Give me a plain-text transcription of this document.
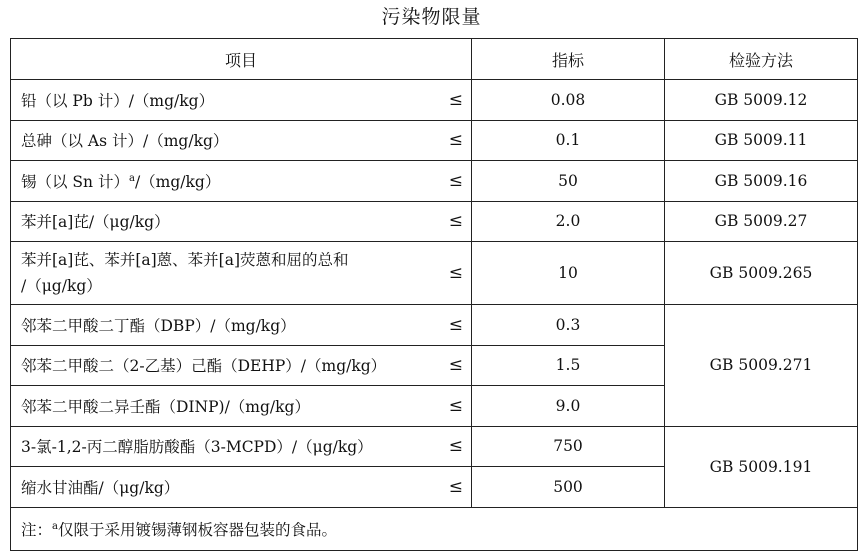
污染物限量
项目	指标	检验方法
铅（以 Pb 计）/（mg/kg） ≤	0.08	GB 5009.12
总砷（以 As 计）/（mg/kg） ≤	0.1	GB 5009.11
锡（以 Sn 计）$^a$/（mg/kg） ≤	50	GB 5009.16
苯并[a]芘/（μg/kg） ≤	2.0	GB 5009.27
苯并[a]芘、苯并[a]蒽、苯并[a]荧蒽和屈的总和
/（μg/kg）
≤	10	GB 5009.265
邻苯二甲酸二丁酯（DBP）/（mg/kg） ≤	0.3	GB 5009.271
邻苯二甲酸二（2-乙基）己酯（DEHP）/（mg/kg） ≤	1.5	
邻苯二甲酸二异壬酯（DINP)/（mg/kg） ≤	9.0	
3-氯-1,2-丙二醇脂肪酸酯（3-MCPD）/（μg/kg） ≤	750	GB 5009.191
缩水甘油酯/（μg/kg） ≤	500	
注：$^a$仅限于采用镀锡薄钢板容器包装的食品。		
